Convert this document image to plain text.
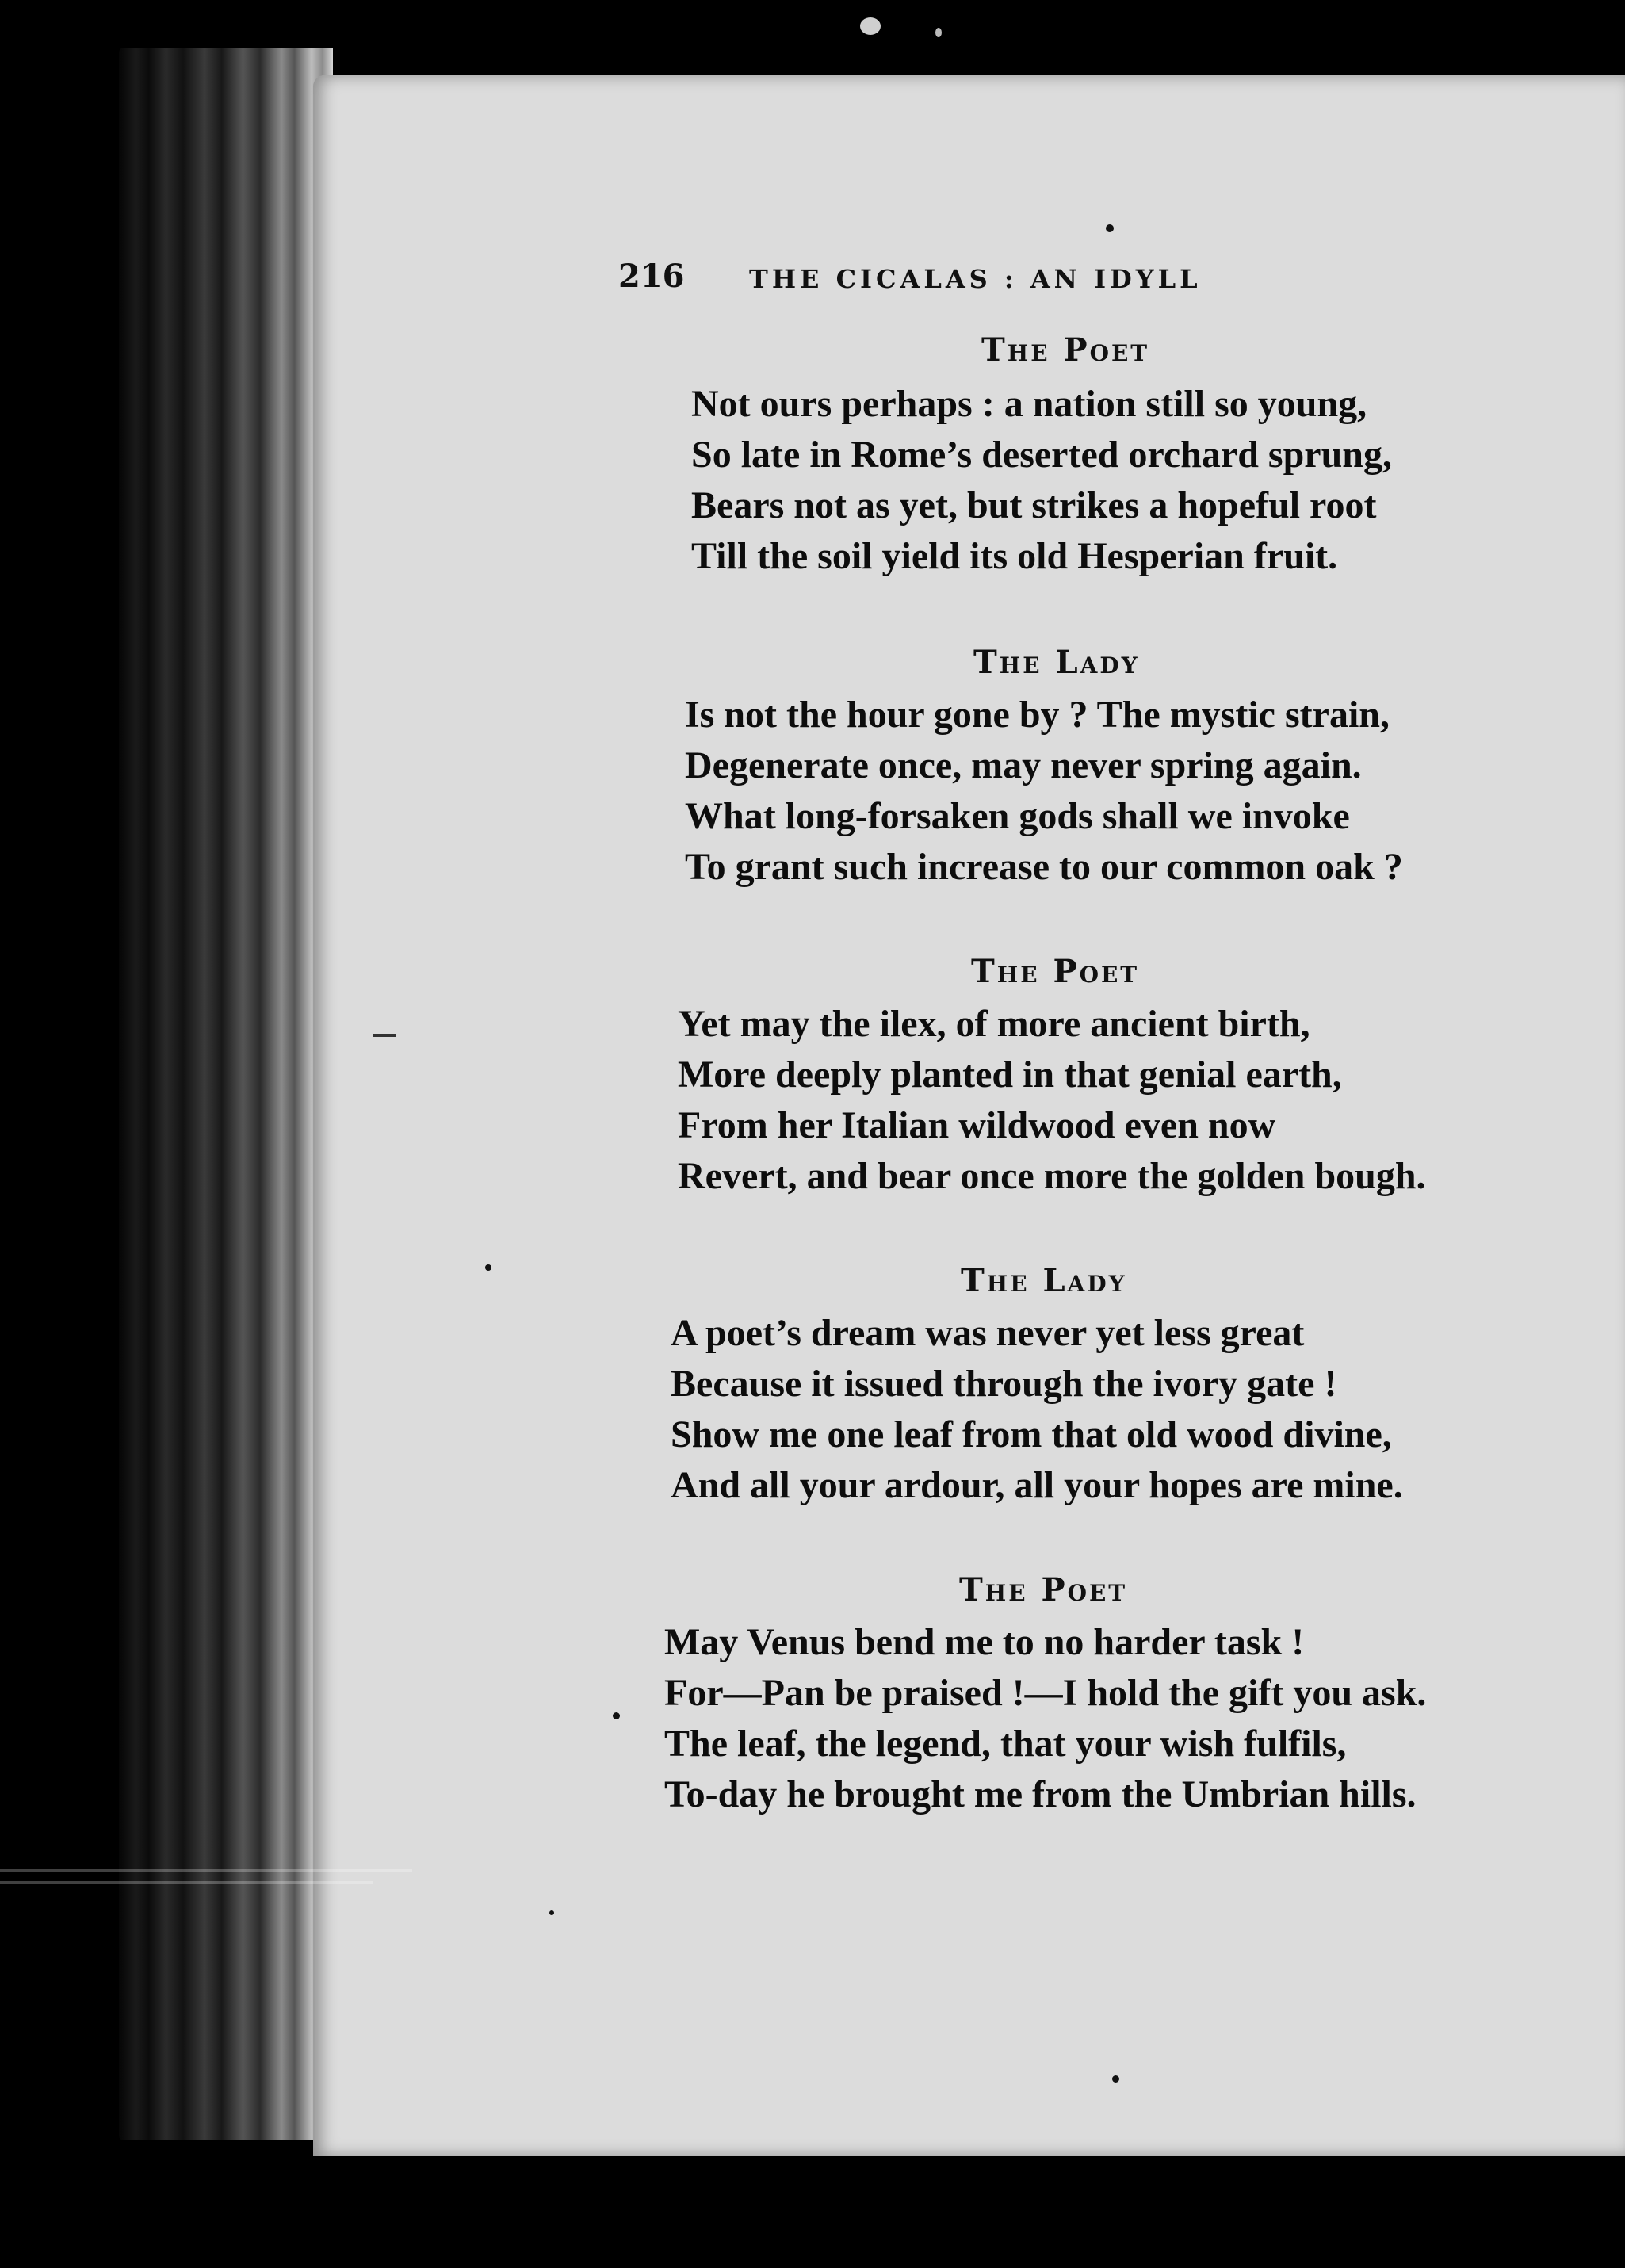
216	THE CICALAS : AN IDYLL
The Poet
Not ours perhaps : a nation still so young,
So late in Rome’s deserted orchard sprung,
Bears not as yet, but strikes a hopeful root
Till the soil yield its old Hesperian fruit.
The Lady
Is not the hour gone by ? The mystic strain,
Degenerate once, may never spring again.
What long-forsaken gods shall we invoke
To grant such increase to our common oak ?
The Poet
Yet may the ilex, of more ancient birth,
More deeply planted in that genial earth,
From her Italian wildwood even now
Revert, and bear once more the golden bough.
The Lady
A poet’s dream was never yet less great
Because it issued through the ivory gate !
Show me one leaf from that old wood divine,
And all your ardour, all your hopes are mine.
The Poet
May Venus bend me to no harder task !
For—Pan be praised !—I hold the gift you ask.
The leaf, the legend, that your wish fulfils,
To-day he brought me from the Umbrian hills.
